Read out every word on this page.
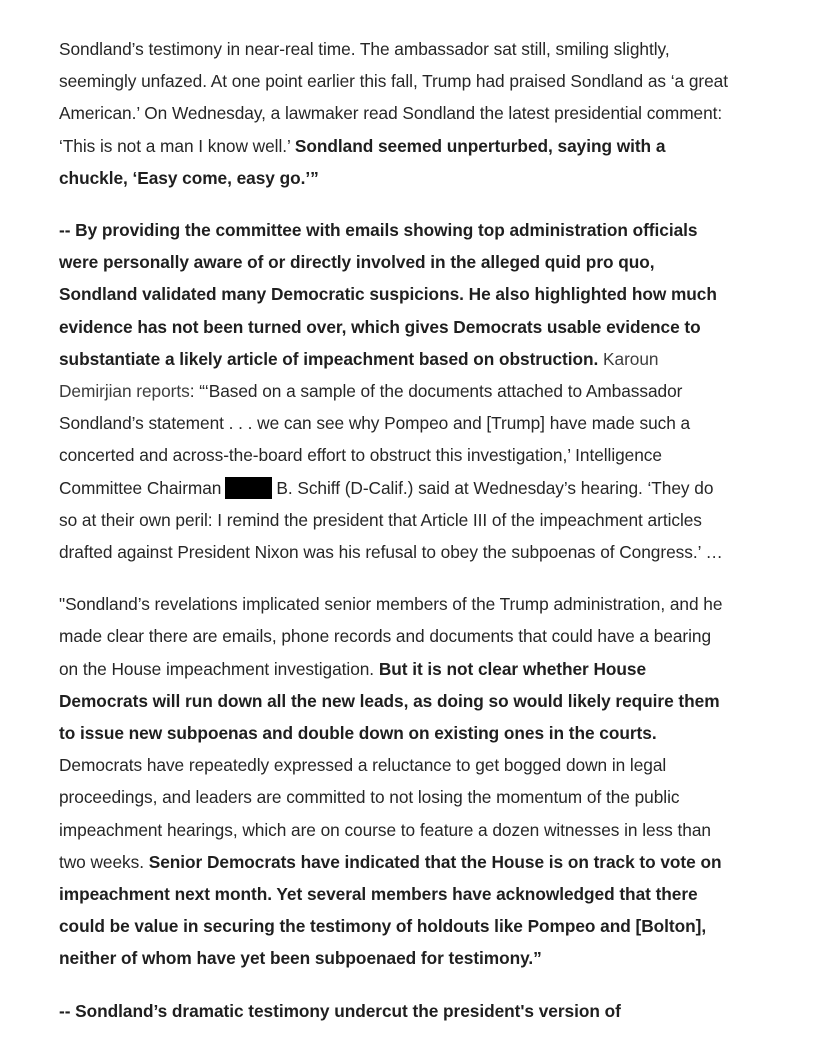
Sondland’s testimony in near-real time. The ambassador sat still, smiling slightly,
seemingly unfazed. At one point earlier this fall, Trump had praised Sondland as ‘a great
American.’ On Wednesday, a lawmaker read Sondland the latest presidential comment:
‘This is not a man I know well.’ Sondland seemed unperturbed, saying with a
chuckle, ‘Easy come, easy go.’”
-- By providing the committee with emails showing top administration officials
were personally aware of or directly involved in the alleged quid pro quo,
Sondland validated many Democratic suspicions. He also highlighted how much
evidence has not been turned over, which gives Democrats usable evidence to
substantiate a likely article of impeachment based on obstruction. Karoun
Demirjian reports: “‘Based on a sample of the documents attached to Ambassador
Sondland’s statement . . . we can see why Pompeo and [Trump] have made such a
concerted and across-the-board effort to obstruct this investigation,’ Intelligence
Committee Chairman	B. Schiff (D-Calif.) said at Wednesday’s hearing. ‘They do
so at their own peril: I remind the president that Article III of the impeachment articles
drafted against President Nixon was his refusal to obey the subpoenas of Congress.’ …
"Sondland’s revelations implicated senior members of the Trump administration, and he
made clear there are emails, phone records and documents that could have a bearing
on the House impeachment investigation. But it is not clear whether House
Democrats will run down all the new leads, as doing so would likely require them
to issue new subpoenas and double down on existing ones in the courts.
Democrats have repeatedly expressed a reluctance to get bogged down in legal
proceedings, and leaders are committed to not losing the momentum of the public
impeachment hearings, which are on course to feature a dozen witnesses in less than
two weeks. Senior Democrats have indicated that the House is on track to vote on
impeachment next month. Yet several members have acknowledged that there
could be value in securing the testimony of holdouts like Pompeo and [Bolton],
neither of whom have yet been subpoenaed for testimony.”
-- Sondland’s dramatic testimony undercut the president's version of
